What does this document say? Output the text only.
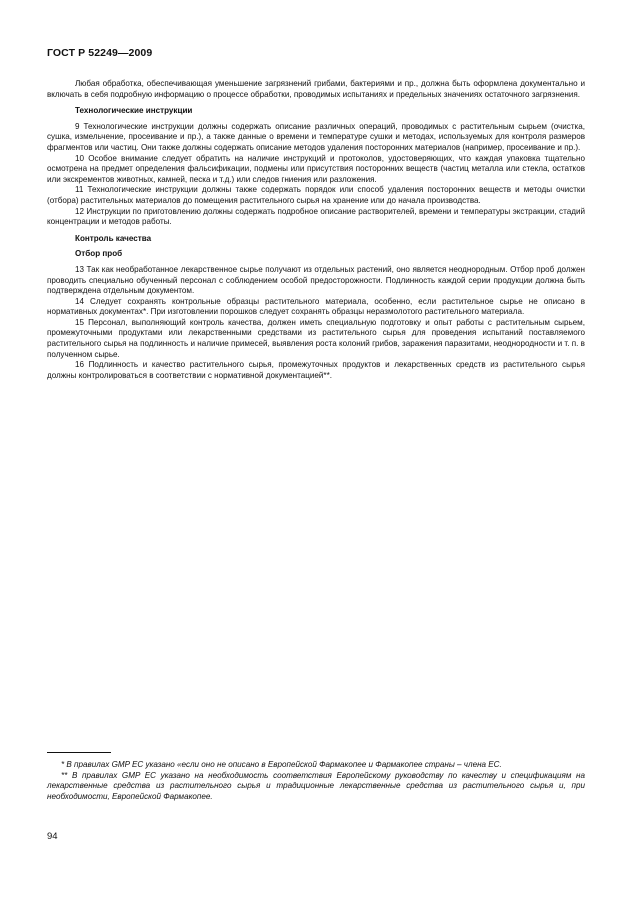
ГОСТ Р 52249—2009

Любая обработка, обеспечивающая уменьшение загрязнений грибами, бактериями и пр., должна быть оформлена документально и включать в себя подробную информацию о процессе обработки, проводимых испытаниях и предельных значениях остаточного загрязнения.

Технологические инструкции

9 Технологические инструкции должны содержать описание различных операций, проводимых с растительным сырьем (очистка, сушка, измельчение, просеивание и пр.), а также данные о времени и температуре сушки и методах, используемых для контроля размеров фрагментов или частиц. Они также должны содержать описание методов удаления посторонних материалов (например, просеивание и пр.).

10 Особое внимание следует обратить на наличие инструкций и протоколов, удостоверяющих, что каждая упаковка тщательно осмотрена на предмет определения фальсификации, подмены или присутствия посторонних веществ (частиц металла или стекла, остатков или экскрементов животных, камней, песка и т.д.) или следов гниения или разложения.

11 Технологические инструкции должны также содержать порядок или способ удаления посторонних веществ и методы очистки (отбора) растительных материалов до помещения растительного сырья на хранение или до начала производства.

12 Инструкции по приготовлению должны содержать подробное описание растворителей, времени и температуры экстракции, стадий концентрации и методов работы.

Контроль качества
Отбор проб

13 Так как необработанное лекарственное сырье получают из отдельных растений, оно является неоднородным. Отбор проб должен проводить специально обученный персонал с соблюдением особой предосторожности. Подлинность каждой серии продукции должна быть подтверждена отдельным документом.

14 Следует сохранять контрольные образцы растительного материала, особенно, если растительное сырье не описано в нормативных документах*. При изготовлении порошков следует сохранять образцы неразмолотого растительного материала.

15 Персонал, выполняющий контроль качества, должен иметь специальную подготовку и опыт работы с растительным сырьем, промежуточными продуктами или лекарственными средствами из растительного сырья для проведения испытаний поставляемого растительного сырья на подлинность и наличие примесей, выявления роста колоний грибов, заражения паразитами, неоднородности и т. п. в полученном сырье.

16 Подлинность и качество растительного сырья, промежуточных продуктов и лекарственных средств из растительного сырья должны контролироваться в соответствии с нормативной документацией**.

* В правилах GMP ЕС указано «если оно не описано в Европейской Фармакопее и Фармакопее страны – члена ЕС.

** В правилах GMP ЕС указано на необходимость соответствия Европейскому руководству по качеству и спецификациям на лекарственные средства из растительного сырья и традиционные лекарственные средства из растительного сырья и, при необходимости, Европейской Фармакопее.

94
